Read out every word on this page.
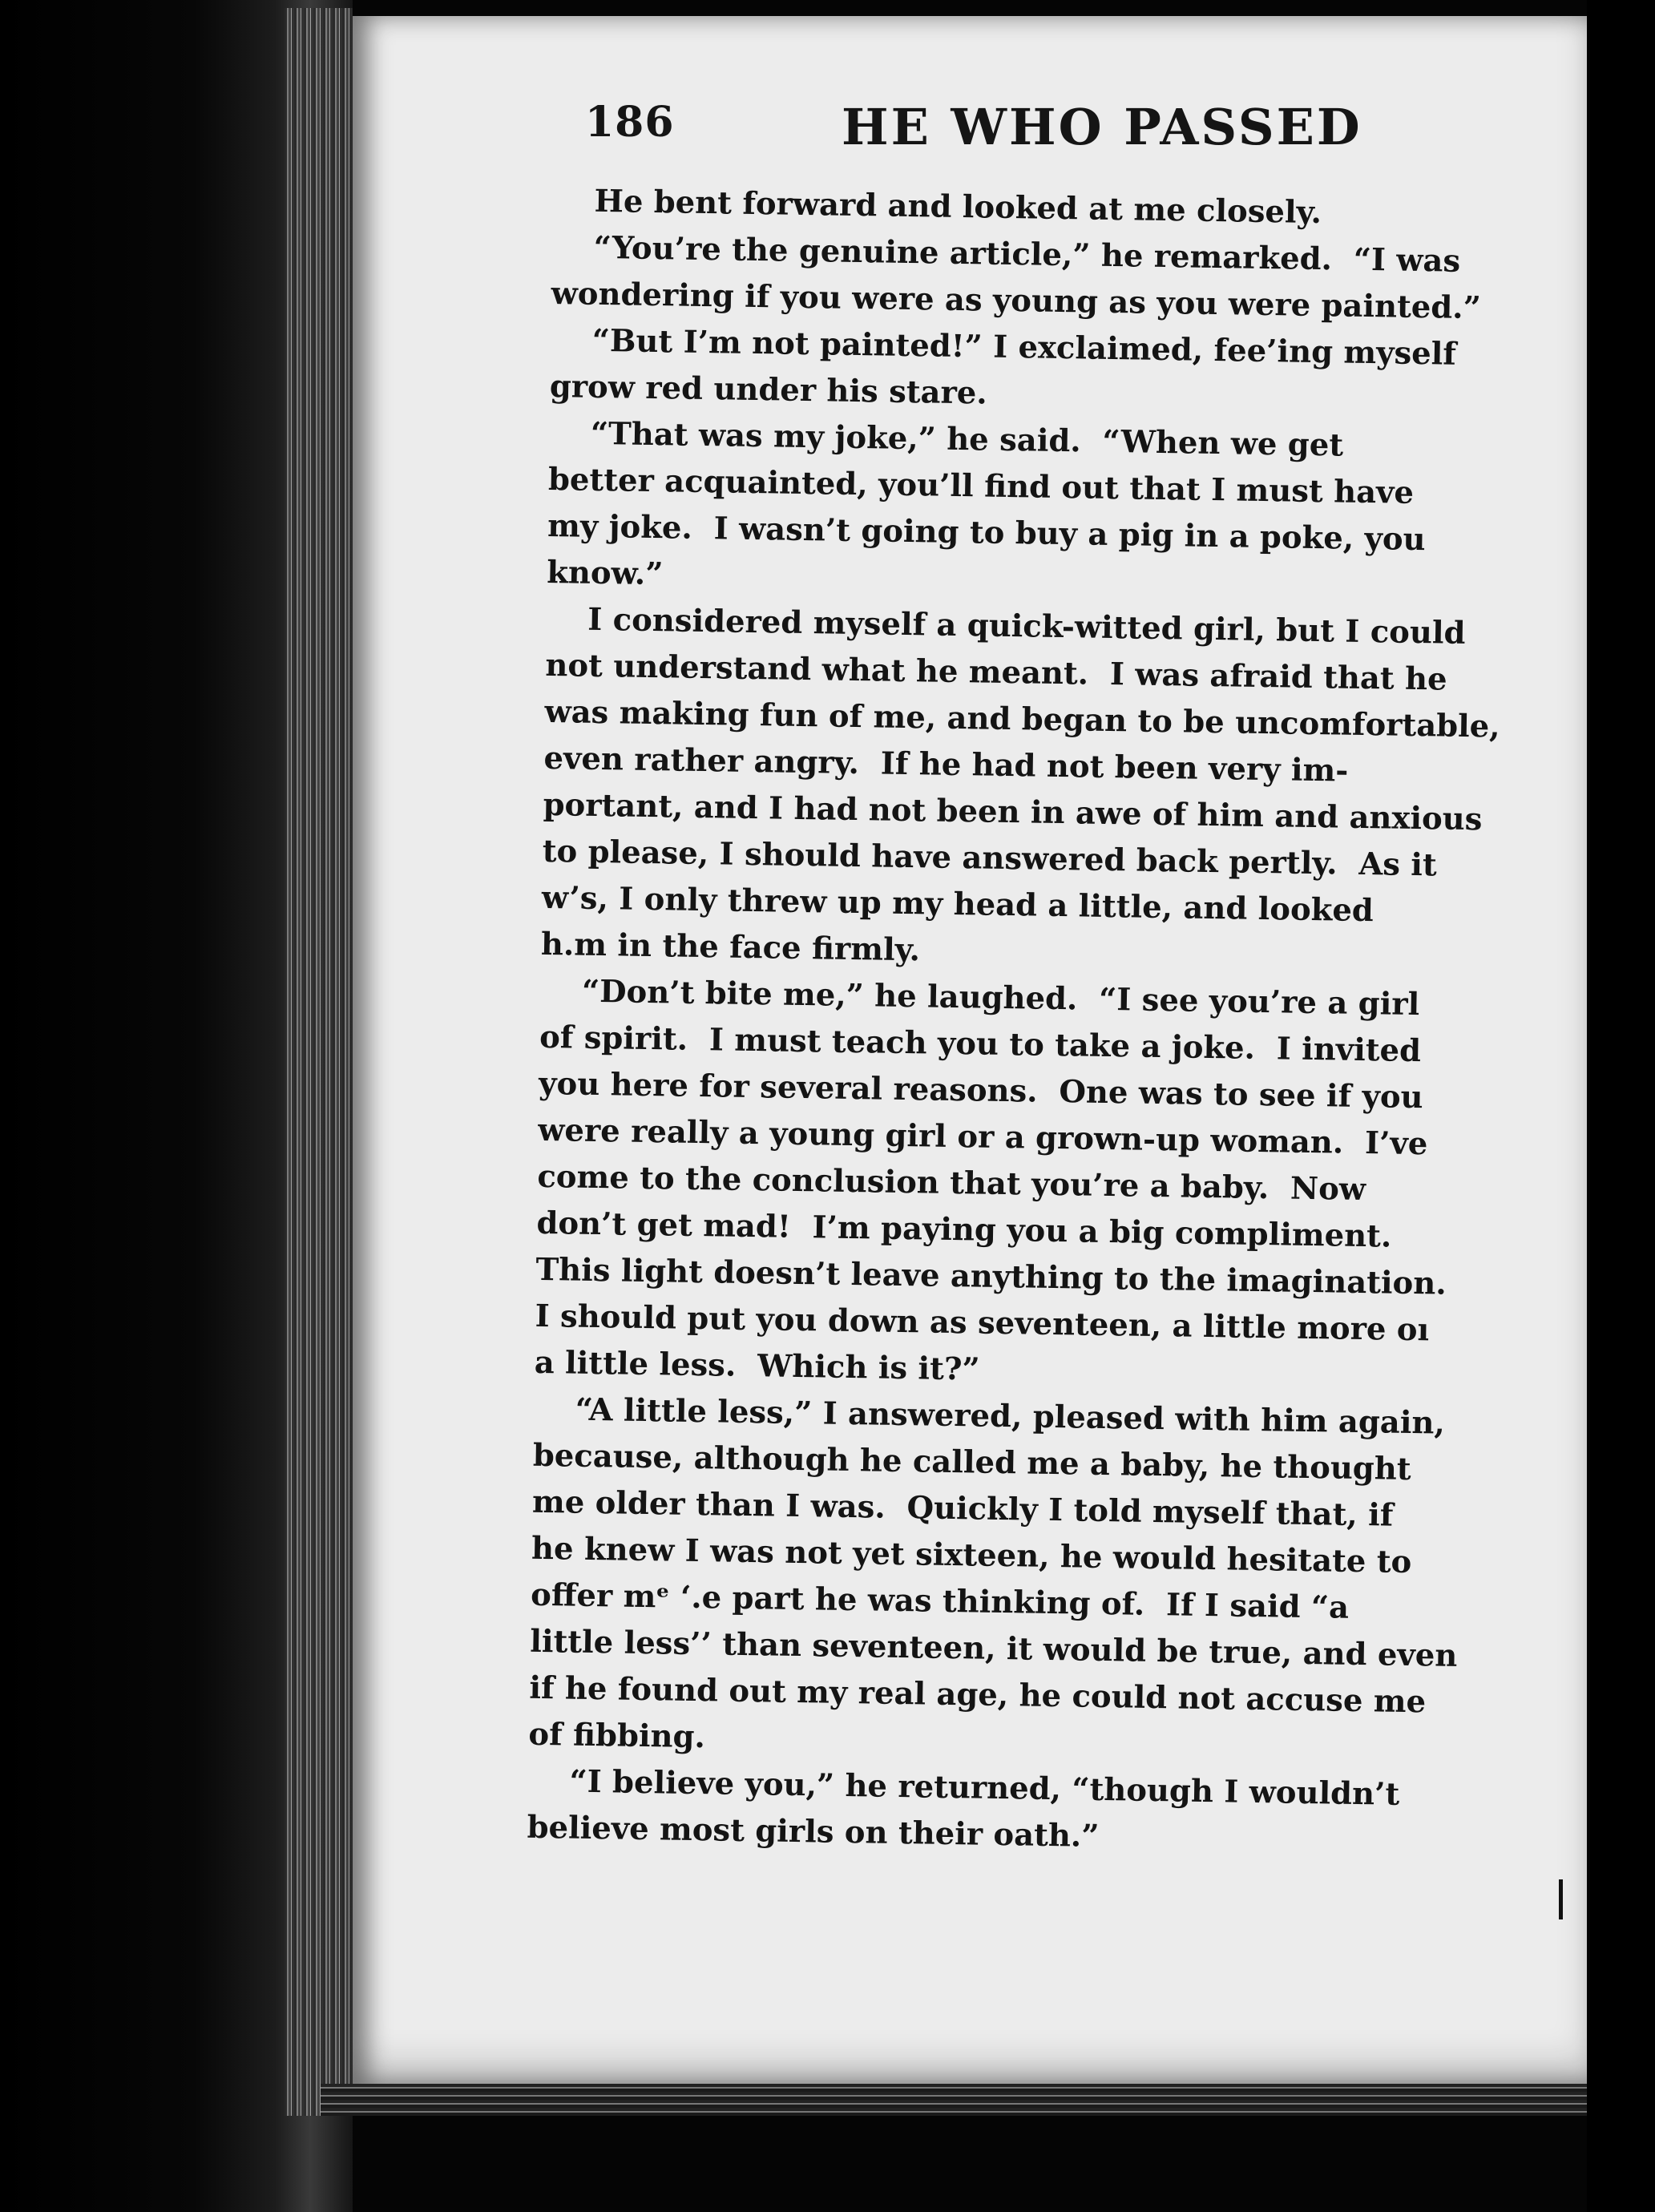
186	HE WΗO PASSED
He bent forward and looked at me closely.
“You’re the genuine article,” he remarked.  “I was
wondering if you were as young as you were painted.”
“But I’m not painted!” I exclaimed, fee’ing myself
grow red under his stare.
“That was my joke,” he said.  “When we get
better acquainted, you’ll find out that I must have
my joke.  I wasn’t going to buy a pig in a poke, you
know.”
I considered myself a quick-witted girl, but I could
not understand what he meant.  I was afraid that he
was making fun of me, and began to be uncomfortable,
even rather angry.  If he had not been very im-
portant, and I had not been in awe of him and anxious
to please, I should have answered back pertly.  As it
w’s, I only threw up my head a little, and looked
h.m in the face firmly.
“Don’t bite me,” he laughed.  “I see you’re a girl
of spirit.  I must teach you to take a joke.  I invited
you here for several reasons.  One was to see if you
were really a young girl or a grown-up woman.  I’ve
come to the conclusion that you’re a baby.  Now
don’t get mad!  I’m paying you a big compliment.
This light doesn’t leave anything to the imagination.
I should put you down as seventeen, a little more oı
a little less.  Which is it?”
“A little less,” I answered, pleased with him again,
because, although he called me a baby, he thought
me older than I was.  Quickly I told myself that, if
he knew I was not yet sixteen, he would hesitate to
offer mᵉ ‘.е part he was thinking of.  If I said “a
little less’’ than seventeen, it would be true, and even
if he found out my real age, he could not accuse me
of fibbing.
“I believe you,” he returned, “though I wouldn’t
believe most girls on their oath.”
